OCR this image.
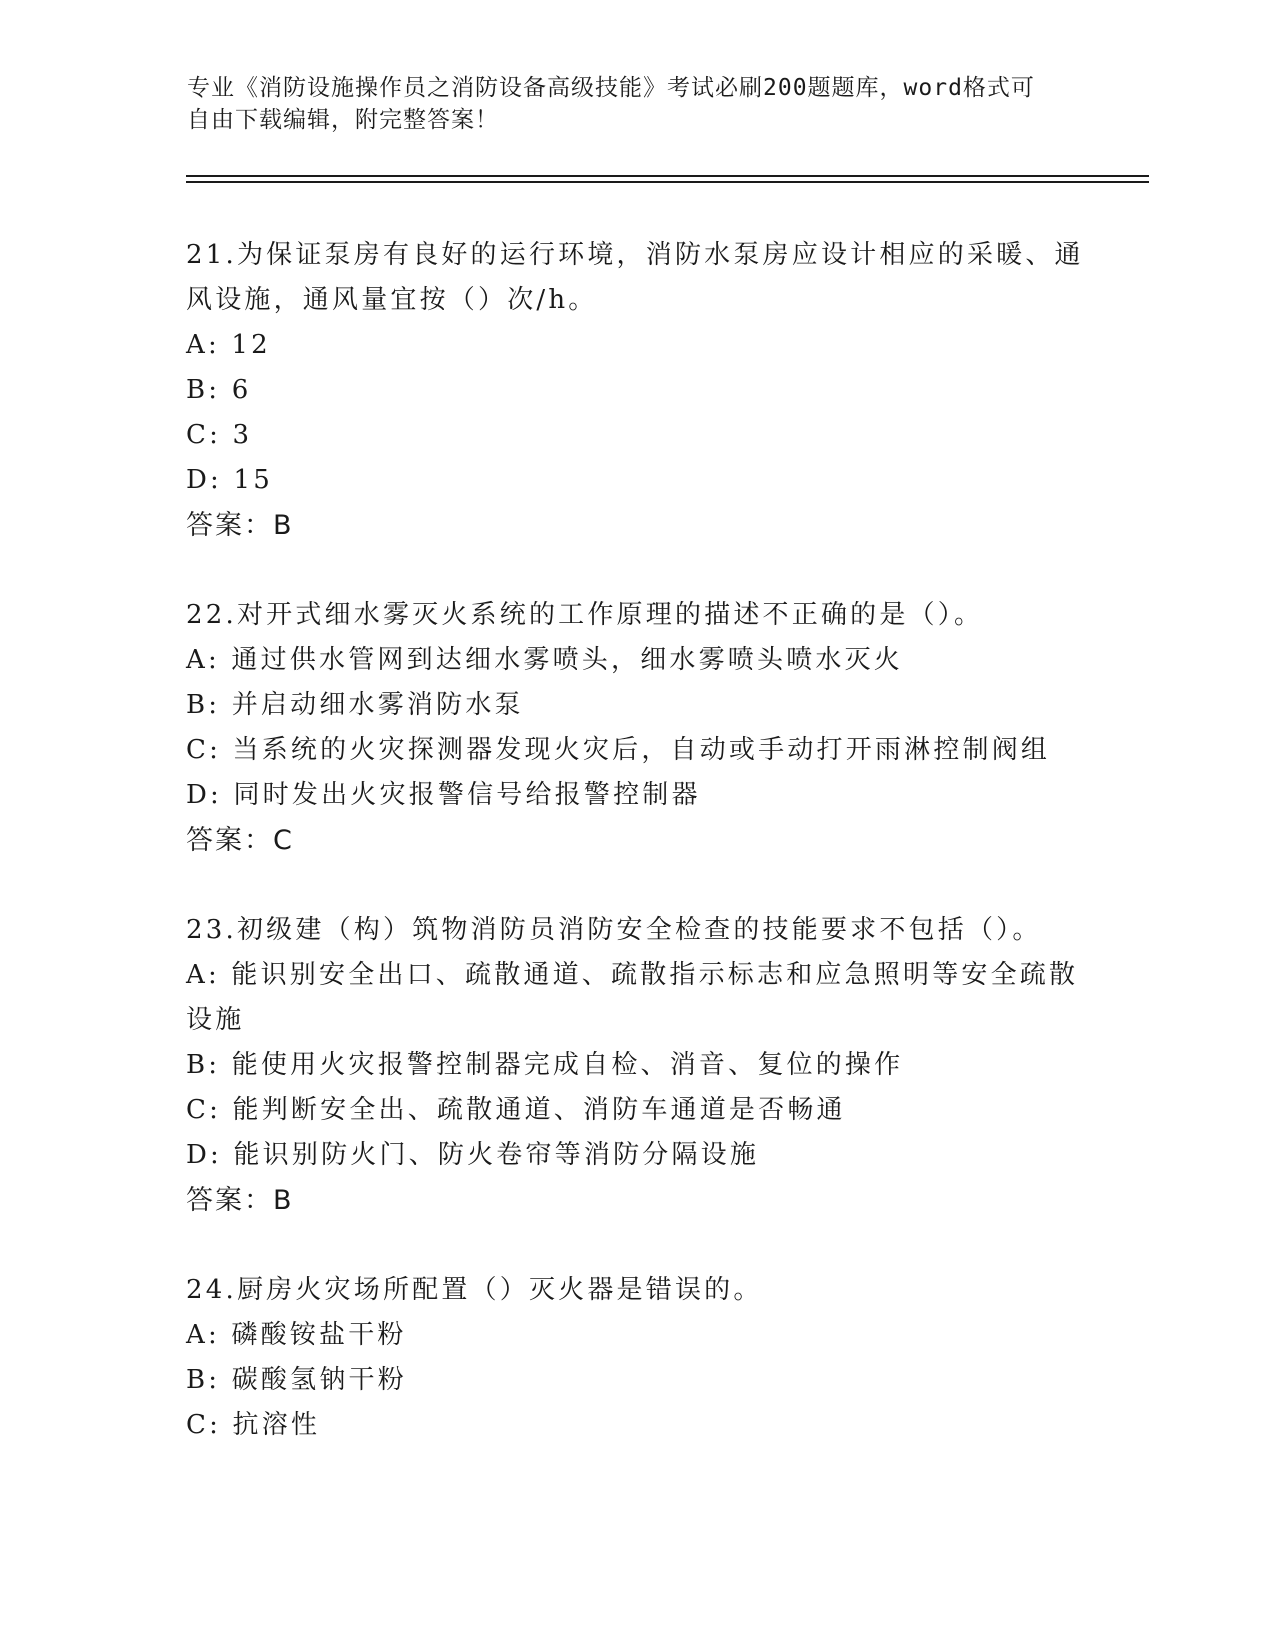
专业《消防设施操作员之消防设备高级技能》考试必刷200题题库，word格式可
自由下载编辑，附完整答案！
21.为保证泵房有良好的运行环境，消防水泵房应设计相应的采暖、通
风设施，通风量宜按（）次/h。
A: 12
B: 6
C: 3
D: 15
答案：B
22.对开式细水雾灭火系统的工作原理的描述不正确的是（）。
A: 通过供水管网到达细水雾喷头，细水雾喷头喷水灭火
B: 并启动细水雾消防水泵
C: 当系统的火灾探测器发现火灾后，自动或手动打开雨淋控制阀组
D: 同时发出火灾报警信号给报警控制器
答案：C
23.初级建（构）筑物消防员消防安全检查的技能要求不包括（）。
A: 能识别安全出口、疏散通道、疏散指示标志和应急照明等安全疏散
设施
B: 能使用火灾报警控制器完成自检、消音、复位的操作
C: 能判断安全出、疏散通道、消防车通道是否畅通
D: 能识别防火门、防火卷帘等消防分隔设施
答案：B
24.厨房火灾场所配置（）灭火器是错误的。
A: 磷酸铵盐干粉
B: 碳酸氢钠干粉
C: 抗溶性
